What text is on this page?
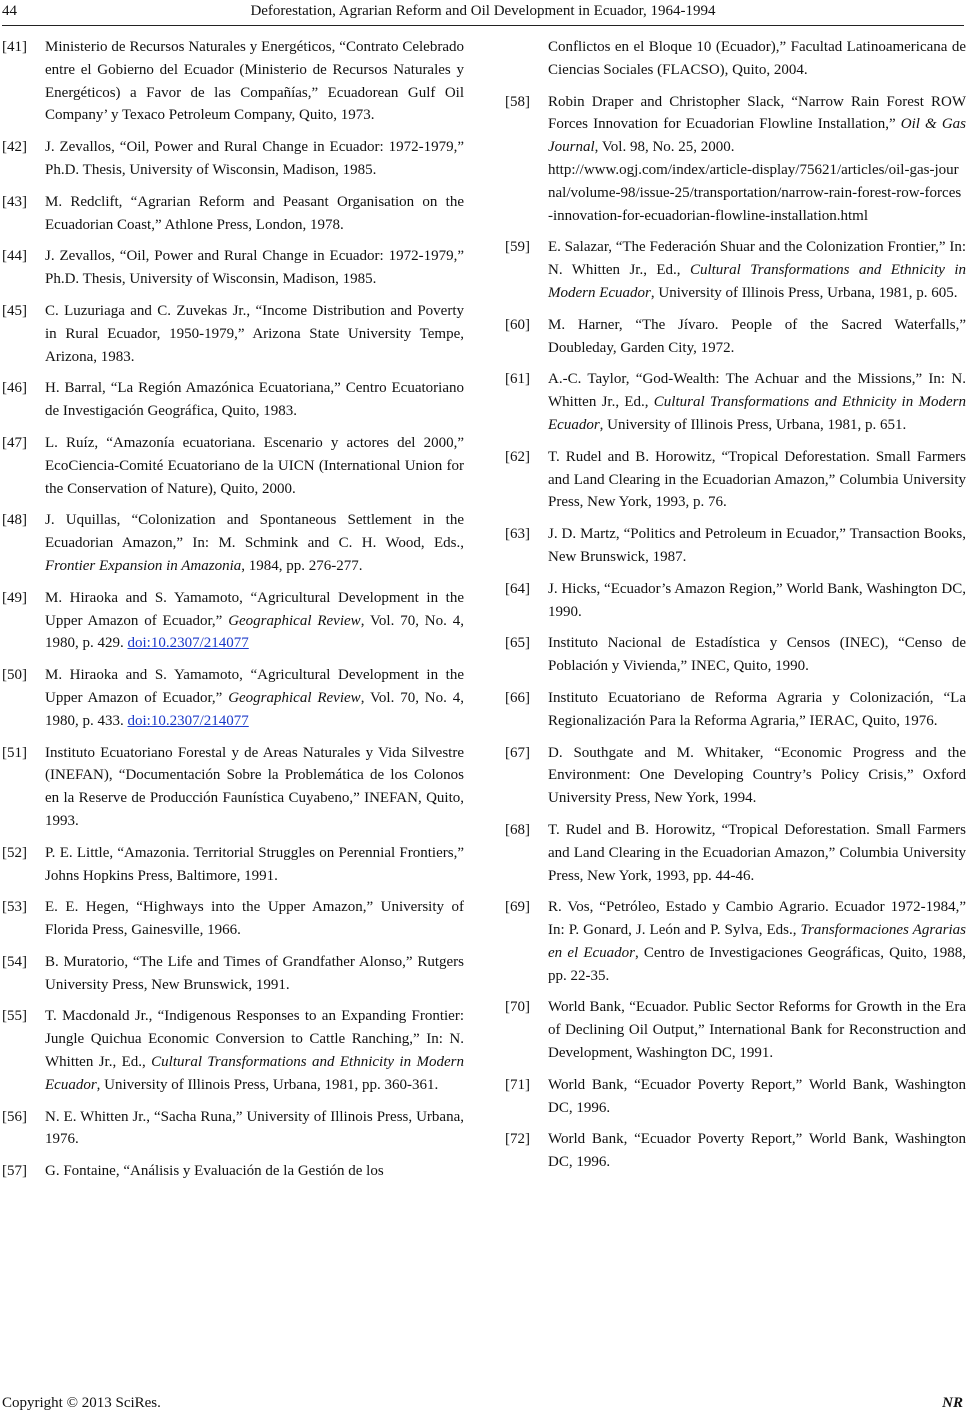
44	Deforestation, Agrarian Reform and Oil Development in Ecuador, 1964-1994
[41] Ministerio de Recursos Naturales y Energéticos, “Contrato Celebrado entre el Gobierno del Ecuador (Ministerio de Recursos Naturales y Energéticos) a Favor de las Compañías,” Ecuadorean Gulf Oil Company’ y Texaco Petroleum Company, Quito, 1973.
[42] J. Zevallos, “Oil, Power and Rural Change in Ecuador: 1972-1979,” Ph.D. Thesis, University of Wisconsin, Madison, 1985.
[43] M. Redclift, “Agrarian Reform and Peasant Organisation on the Ecuadorian Coast,” Athlone Press, London, 1978.
[44] J. Zevallos, “Oil, Power and Rural Change in Ecuador: 1972-1979,” Ph.D. Thesis, University of Wisconsin, Madison, 1985.
[45] C. Luzuriaga and C. Zuvekas Jr., “Income Distribution and Poverty in Rural Ecuador, 1950-1979,” Arizona State University Tempe, Arizona, 1983.
[46] H. Barral, “La Región Amazónica Ecuatoriana,” Centro Ecuatoriano de Investigación Geográfica, Quito, 1983.
[47] L. Ruíz, “Amazonía ecuatoriana. Escenario y actores del 2000,” EcoCiencia-Comité Ecuatoriano de la UICN (International Union for the Conservation of Nature), Quito, 2000.
[48] J. Uquillas, “Colonization and Spontaneous Settlement in the Ecuadorian Amazon,” In: M. Schmink and C. H. Wood, Eds., Frontier Expansion in Amazonia, 1984, pp. 276-277.
[49] M. Hiraoka and S. Yamamoto, “Agricultural Development in the Upper Amazon of Ecuador,” Geographical Review, Vol. 70, No. 4, 1980, p. 429. doi:10.2307/214077
[50] M. Hiraoka and S. Yamamoto, “Agricultural Development in the Upper Amazon of Ecuador,” Geographical Review, Vol. 70, No. 4, 1980, p. 433. doi:10.2307/214077
[51] Instituto Ecuatoriano Forestal y de Areas Naturales y Vida Silvestre (INEFAN), “Documentación Sobre la Problemática de los Colonos en la Reserve de Producción Faunística Cuyabeno,” INEFAN, Quito, 1993.
[52] P. E. Little, “Amazonia. Territorial Struggles on Perennial Frontiers,” Johns Hopkins Press, Baltimore, 1991.
[53] E. E. Hegen, “Highways into the Upper Amazon,” University of Florida Press, Gainesville, 1966.
[54] B. Muratorio, “The Life and Times of Grandfather Alonso,” Rutgers University Press, New Brunswick, 1991.
[55] T. Macdonald Jr., “Indigenous Responses to an Expanding Frontier: Jungle Quichua Economic Conversion to Cattle Ranching,” In: N. Whitten Jr., Ed., Cultural Transformations and Ethnicity in Modern Ecuador, University of Illinois Press, Urbana, 1981, pp. 360-361.
[56] N. E. Whitten Jr., “Sacha Runa,” University of Illinois Press, Urbana, 1976.
[57] G. Fontaine, “Análisis y Evaluación de la Gestión de los
Conflictos en el Bloque 10 (Ecuador),” Facultad Latinoamericana de Ciencias Sociales (FLACSO), Quito, 2004.
[58] Robin Draper and Christopher Slack, “Narrow Rain Forest ROW Forces Innovation for Ecuadorian Flowline Installation,” Oil & Gas Journal, Vol. 98, No. 25, 2000.
http://www.ogj.com/index/article-display/75621/articles/oil-gas-journal/volume-98/issue-25/transportation/narrow-rain-forest-row-forces-innovation-for-ecuadorian-flowline-installation.html
[59] E. Salazar, “The Federación Shuar and the Colonization Frontier,” In: N. Whitten Jr., Ed., Cultural Transformations and Ethnicity in Modern Ecuador, University of Illinois Press, Urbana, 1981, p. 605.
[60] M. Harner, “The Jívaro. People of the Sacred Waterfalls,” Doubleday, Garden City, 1972.
[61] A.-C. Taylor, “God-Wealth: The Achuar and the Missions,” In: N. Whitten Jr., Ed., Cultural Transformations and Ethnicity in Modern Ecuador, University of Illinois Press, Urbana, 1981, p. 651.
[62] T. Rudel and B. Horowitz, “Tropical Deforestation. Small Farmers and Land Clearing in the Ecuadorian Amazon,” Columbia University Press, New York, 1993, p. 76.
[63] J. D. Martz, “Politics and Petroleum in Ecuador,” Transaction Books, New Brunswick, 1987.
[64] J. Hicks, “Ecuador’s Amazon Region,” World Bank, Washington DC, 1990.
[65] Instituto Nacional de Estadística y Censos (INEC), “Censo de Población y Vivienda,” INEC, Quito, 1990.
[66] Instituto Ecuatoriano de Reforma Agraria y Colonización, “La Regionalización Para la Reforma Agraria,” IERAC, Quito, 1976.
[67] D. Southgate and M. Whitaker, “Economic Progress and the Environment: One Developing Country’s Policy Crisis,” Oxford University Press, New York, 1994.
[68] T. Rudel and B. Horowitz, “Tropical Deforestation. Small Farmers and Land Clearing in the Ecuadorian Amazon,” Columbia University Press, New York, 1993, pp. 44-46.
[69] R. Vos, “Petróleo, Estado y Cambio Agrario. Ecuador 1972-1984,” In: P. Gonard, J. León and P. Sylva, Eds., Transformaciones Agrarias en el Ecuador, Centro de Investigaciones Geográficas, Quito, 1988, pp. 22-35.
[70] World Bank, “Ecuador. Public Sector Reforms for Growth in the Era of Declining Oil Output,” International Bank for Reconstruction and Development, Washington DC, 1991.
[71] World Bank, “Ecuador Poverty Report,” World Bank, Washington DC, 1996.
[72] World Bank, “Ecuador Poverty Report,” World Bank, Washington DC, 1996.
Copyright © 2013 SciRes.	NR
